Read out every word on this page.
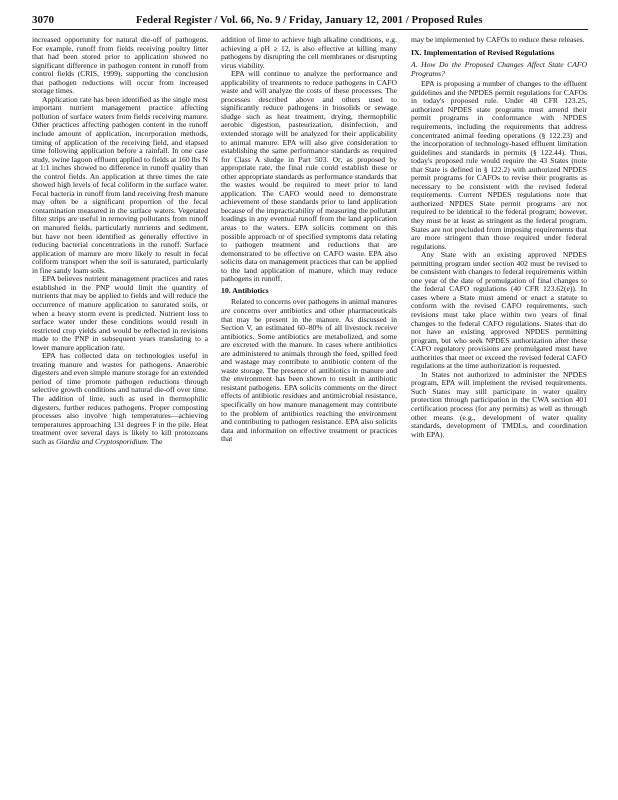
3070	Federal Register / Vol. 66, No. 9 / Friday, January 12, 2001 / Proposed Rules

increased opportunity for natural die-off of pathogens. For example, runoff from fields receiving poultry litter that had been stored prior to application showed no significant difference in pathogen content in runoff from control fields (CRIS, 1999), supporting the conclusion that pathogen reductions will occur from increased storage times.

Application rate has been identified as the single most important nutrient management practice affecting pollution of surface waters from fields receiving manure. Other practices affecting pathogen content in the runoff include amount of application, incorporation methods, timing of application of the receiving field, and elapsed time following application before a rainfall. In one case study, swine lagoon effluent applied to fields at 160 lbs N at 1:1 inches showed no difference in runoff quality than the control fields. An application at three times the rate showed high levels of fecal coliform in the surface water. Fecal bacteria in runoff from land receiving fresh manure may often be a significant proportion of the fecal contamination measured in the surface waters. Vegetated filter strips are useful in removing pollutants from runoff on manured fields, particularly nutrients and sediment, but have not been identified as generally effective in reducing bacterial concentrations in the runoff. Surface application of manure are more likely to result in fecal coliform transport when the soil is saturated, particularly in fine sandy loam soils.

EPA believes nutrient management practices and rates established in the PNP would limit the quantity of nutrients that may be applied to fields and will reduce the occurrence of manure application to saturated soils, or when a heavy storm event is predicted. Nutrient loss to surface water under these conditions would result in restricted crop yields and would be reflected in revisions made to the PNP in subsequent years translating to a lower manure application rate.

EPA has collected data on technologies useful in treating manure and wastes for pathogens. Anaerobic digesters and even simple manure storage for an extended period of time promote pathogen reductions through selective growth conditions and natural die-off over time. The addition of lime, such as used in thermophilic digesters, further reduces pathogens. Proper composting processes also involve high temperatures—achieving temperatures approaching 131 degrees F in the pile. Heat treatment over several days is likely to kill protozoans such as Giardia and Cryptosporidium. The

addition of lime to achieve high alkaline conditions, e.g. achieving a pH ≥ 12, is also effective at killing many pathogens by disrupting the cell membranes or disrupting virus viability.

EPA will continue to analyze the performance and applicability of treatments to reduce pathogens in CAFO waste and will analyze the costs of these processes. The processes described above and others used to significantly reduce pathogens in biosolids or sewage sludge such as heat treatment, drying, thermophilic aerobic digestion, pasteurization, disinfection, and extended storage will be analyzed for their applicability to animal manure. EPA will also give consideration to establishing the same performance standards as required for Class A sludge in Part 503. Or, as proposed by appropriate rate, the final rule could establish these or other appropriate standards as performance standards that the wastes would be required to meet prior to land application. The CAFO would need to demonstrate achievement of these standards prior to land application because of the impracticability of measuring the pollutant loadings in any eventual runoff from the land application areas to the waters. EPA solicits comment on this possible approach or of specified symptoms data relating to pathogen treatment and reductions that are demonstrated to be effective on CAFO waste. EPA also solicits data on management practices that can be applied to the land application of manure, which may reduce pathogens in runoff.

10. Antibiotics

Related to concerns over pathogens in animal manures are concerns over antibiotics and other pharmaceuticals that may be present in the manure. As discussed in Section V, an estimated 60–80% of all livestock receive antibiotics. Some antibiotics are metabolized, and some are excreted with the manure. In cases where antibiotics are administered to animals through the feed, spilled feed and wastage may contribute to antibiotic content of the waste storage. The presence of antibiotics in manure and the environment has been shown to result in antibiotic resistant pathogens. EPA solicits comments on the direct effects of antibiotic residues and antimicrobial resistance, specifically on how manure management may contribute to the problem of antibiotics reaching the environment and contributing to pathogen resistance. EPA also solicits data and information on effective treatment or practices that

may be implemented by CAFOs to reduce these releases.

IX. Implementation of Revised Regulations
A. How Do the Proposed Changes Affect State CAFO Programs?

EPA is proposing a number of changes to the effluent guidelines and the NPDES permit regulations for CAFOs in today's proposed rule. Under 40 CFR 123.25, authorized NPDES state programs must amend their permit programs in conformance with NPDES requirements, including the requirements that address concentrated animal feeding operations (§ 122.23) and the incorporation of technology-based effluent limitation guidelines and standards in permits (§ 122.44). Thus, today's proposed rule would require the 43 States (note that State is defined in § 122.2) with authorized NPDES permit programs for CAFOs to revise their programs as necessary to be consistent with the revised federal requirements. Current NPDES regulations note that authorized NPDES State permit programs are not required to be identical to the federal program; however, they must be at least as stringent as the federal program. States are not precluded from imposing requirements that are more stringent than those required under federal regulations.

Any State with an existing approved NPDES permitting program under section 402 must be revised to be consistent with changes to federal requirements within one year of the date of promulgation of final changes to the federal CAFO regulations (40 CFR 123.62(e)). In cases where a State must amend or enact a statute to conform with the revised CAFO requirements, such revisions must take place within two years of final changes to the federal CAFO regulations. States that do not have an existing approved NPDES permitting program, but who seek NPDES authorization after these CAFO regulatory provisions are promulgated must have authorities that meet or exceed the revised federal CAFO regulations at the time authorization is requested.

In States not authorized to administer the NPDES program, EPA will implement the revised requirements. Such States may still participate in water quality protection through participation in the CWA section 401 certification process (for any permits) as well as through other means (e.g., development of water quality standards, development of TMDLs, and coordination with EPA).
